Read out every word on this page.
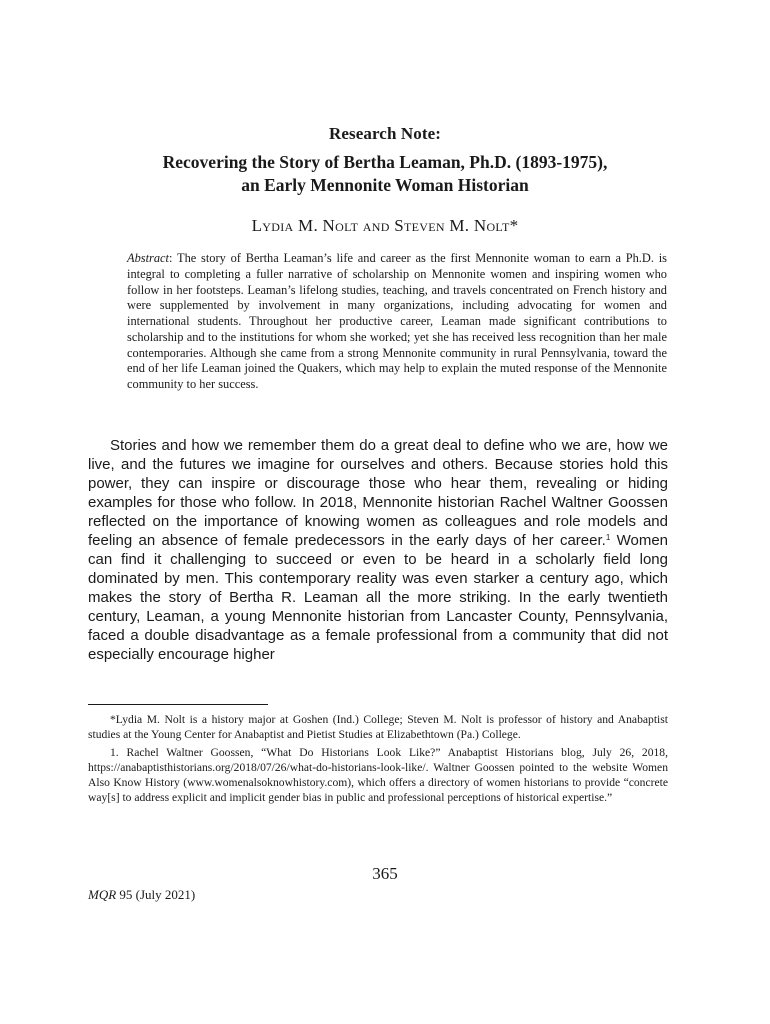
Research Note:
Recovering the Story of Bertha Leaman, Ph.D. (1893-1975),
an Early Mennonite Woman Historian
Lydia M. Nolt and Steven M. Nolt*
Abstract: The story of Bertha Leaman’s life and career as the first Mennonite woman to earn a Ph.D. is integral to completing a fuller narrative of scholarship on Mennonite women and inspiring women who follow in her footsteps. Leaman’s lifelong studies, teaching, and travels concentrated on French history and were supplemented by involvement in many organizations, including advocating for women and international students. Throughout her productive career, Leaman made significant contributions to scholarship and to the institutions for whom she worked; yet she has received less recognition than her male contemporaries. Although she came from a strong Mennonite community in rural Pennsylvania, toward the end of her life Leaman joined the Quakers, which may help to explain the muted response of the Mennonite community to her success.
Stories and how we remember them do a great deal to define who we are, how we live, and the futures we imagine for ourselves and others. Because stories hold this power, they can inspire or discourage those who hear them, revealing or hiding examples for those who follow. In 2018, Mennonite historian Rachel Waltner Goossen reflected on the importance of knowing women as colleagues and role models and feeling an absence of female predecessors in the early days of her career.$^1$ Women can find it challenging to succeed or even to be heard in a scholarly field long dominated by men. This contemporary reality was even starker a century ago, which makes the story of Bertha R. Leaman all the more striking. In the early twentieth century, Leaman, a young Mennonite historian from Lancaster County, Pennsylvania, faced a double disadvantage as a female professional from a community that did not especially encourage higher

*Lydia M. Nolt is a history major at Goshen (Ind.) College; Steven M. Nolt is professor of history and Anabaptist studies at the Young Center for Anabaptist and Pietist Studies at Elizabethtown (Pa.) College.

1. Rachel Waltner Goossen, “What Do Historians Look Like?” Anabaptist Historians blog, July 26, 2018, https://anabaptisthistorians.org/2018/07/26/what-do-historians-look-like/. Waltner Goossen pointed to the website Women Also Know History (www.womenalsoknowhistory.com), which offers a directory of women historians to provide “concrete way[s] to address explicit and implicit gender bias in public and professional perceptions of historical expertise.”

365
MQR 95 (July 2021)
